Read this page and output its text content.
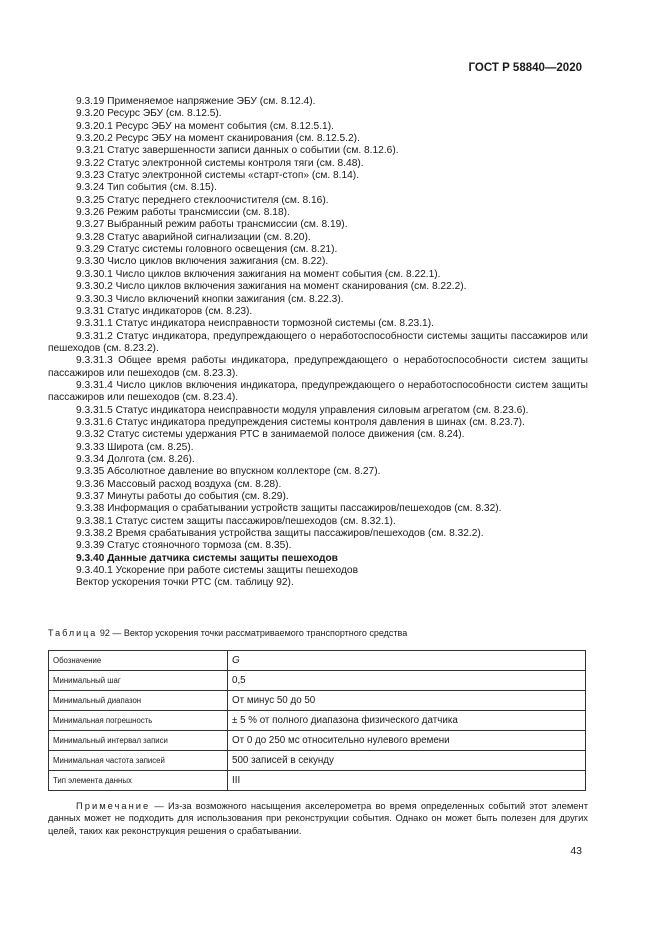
ГОСТ Р 58840—2020

9.3.19 Применяемое напряжение ЭБУ (см. 8.12.4).

9.3.20 Ресурс ЭБУ (см. 8.12.5).

9.3.20.1 Ресурс ЭБУ на момент события (см. 8.12.5.1).

9.3.20.2 Ресурс ЭБУ на момент сканирования (см. 8.12.5.2).

9.3.21 Статус завершенности записи данных о событии (см. 8.12.6).

9.3.22 Статус электронной системы контроля тяги (см. 8.48).

9.3.23 Статус электронной системы «старт-стоп» (см. 8.14).

9.3.24 Тип события (см. 8.15).

9.3.25 Статус переднего стеклоочистителя (см. 8.16).

9.3.26 Режим работы трансмиссии (см. 8.18).

9.3.27 Выбранный режим работы трансмиссии (см. 8.19).

9.3.28 Статус аварийной сигнализации (см. 8.20).

9.3.29 Статус системы головного освещения (см. 8.21).

9.3.30 Число циклов включения зажигания (см. 8.22).

9.3.30.1 Число циклов включения зажигания на момент события (см. 8.22.1).

9.3.30.2 Число циклов включения зажигания на момент сканирования (см. 8.22.2).

9.3.30.3 Число включений кнопки зажигания (см. 8.22.3).

9.3.31 Статус индикаторов (см. 8.23).

9.3.31.1 Статус индикатора неисправности тормозной системы (см. 8.23.1).

9.3.31.2 Статус индикатора, предупреждающего о неработоспособности системы защиты пассажиров или пешеходов (см. 8.23.2).

9.3.31.3 Общее время работы индикатора, предупреждающего о неработоспособности систем защиты пассажиров или пешеходов (см. 8.23.3).

9.3.31.4 Число циклов включения индикатора, предупреждающего о неработоспособности систем защиты пассажиров или пешеходов (см. 8.23.4).

9.3.31.5 Статус индикатора неисправности модуля управления силовым агрегатом (см. 8.23.6).

9.3.31.6 Статус индикатора предупреждения системы контроля давления в шинах (см. 8.23.7).

9.3.32 Статус системы удержания РТС в занимаемой полосе движения (см. 8.24).

9.3.33 Широта (см. 8.25).

9.3.34 Долгота (см. 8.26).

9.3.35 Абсолютное давление во впускном коллекторе (см. 8.27).

9.3.36 Массовый расход воздуха (см. 8.28).

9.3.37 Минуты работы до события (см. 8.29).

9.3.38 Информация о срабатывании устройств защиты пассажиров/пешеходов (см. 8.32).

9.3.38.1 Статус систем защиты пассажиров/пешеходов (см. 8.32.1).

9.3.38.2 Время срабатывания устройства защиты пассажиров/пешеходов (см. 8.32.2).

9.3.39 Статус стояночного тормоза (см. 8.35).

9.3.40 Данные датчика системы защиты пешеходов

9.3.40.1 Ускорение при работе системы защиты пешеходов

Вектор ускорения точки РТС (см. таблицу 92).

Таблица 92 — Вектор ускорения точки рассматриваемого транспортного средства
Обозначение	G
Минимальный шаг	0,5
Минимальный диапазон	От минус 50 до 50
Минимальная погрешность	± 5 % от полного диапазона физического датчика
Минимальный интервал записи	От 0 до 250 мс относительно нулевого времени
Минимальная частота записей	500 записей в секунду
Тип элемента данных	III
Примечание — Из-за возможного насыщения акселерометра во время определенных событий этот элемент данных может не подходить для использования при реконструкции события. Однако он может быть полезен для других целей, таких как реконструкция решения о срабатывании.
43
